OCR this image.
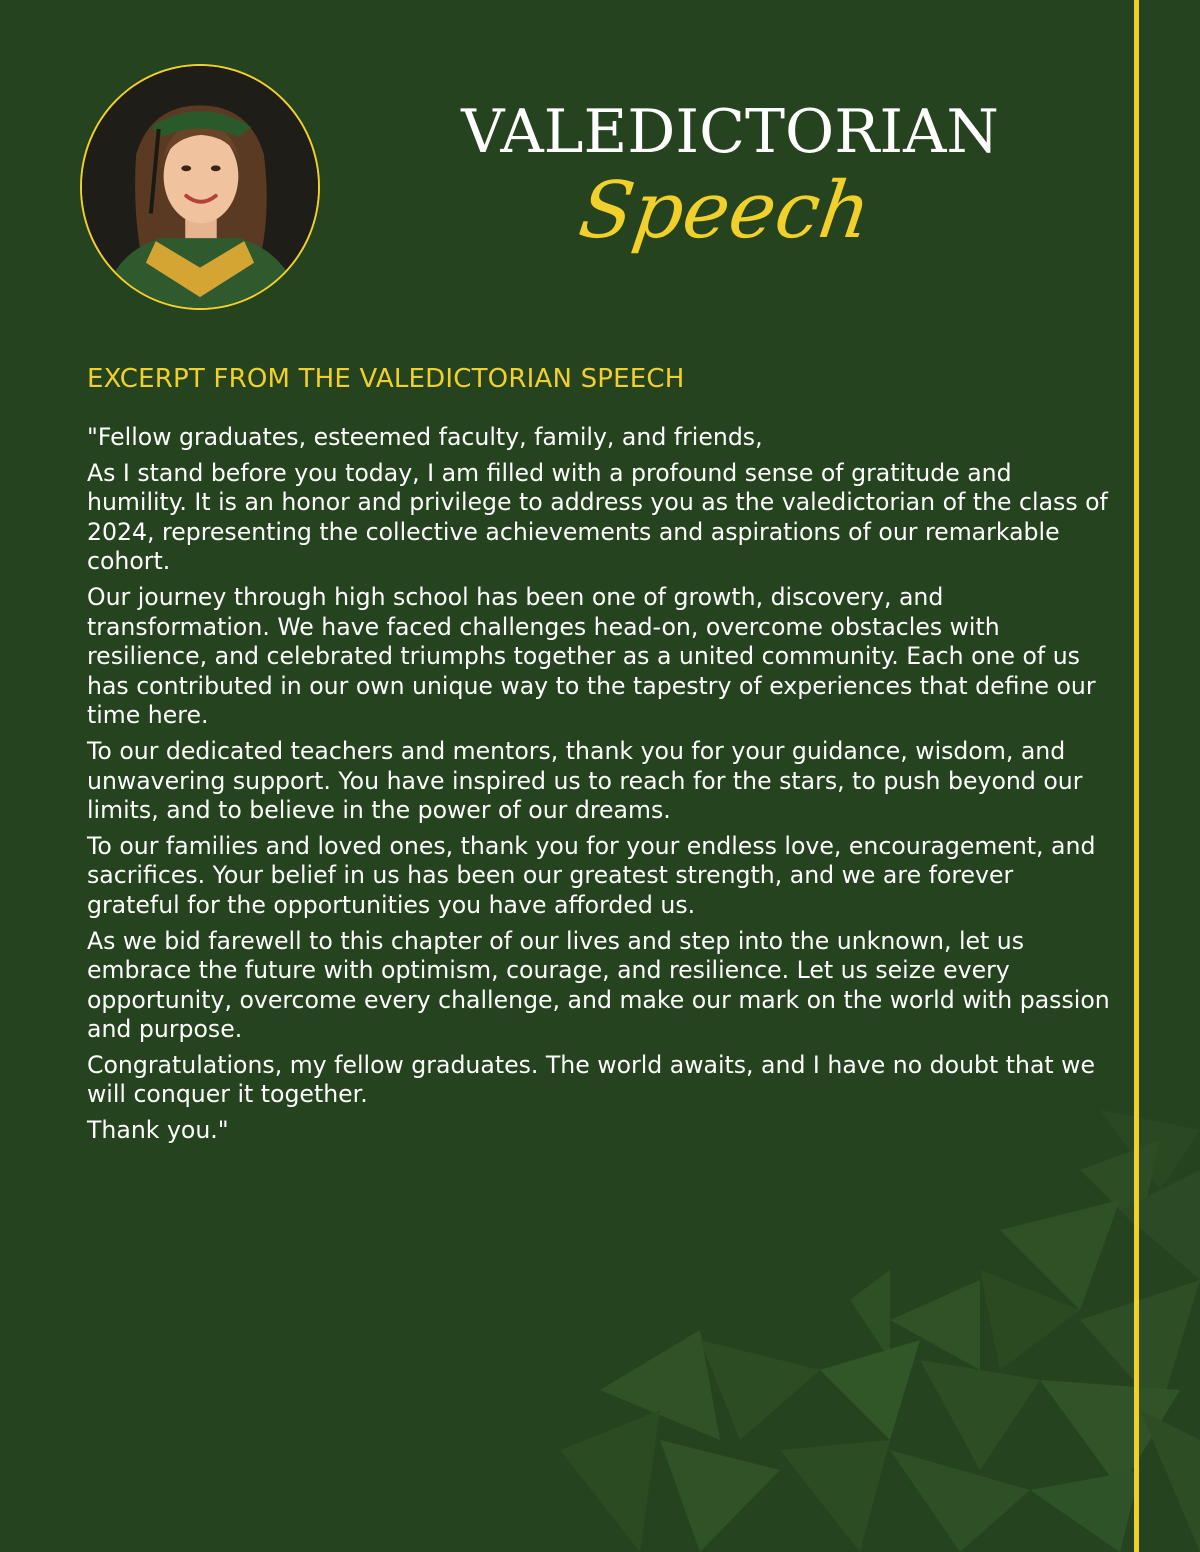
VALEDICTORIAN
Speech
EXCERPT FROM THE VALEDICTORIAN SPEECH

"Fellow graduates, esteemed faculty, family, and friends,

As I stand before you today, I am filled with a profound sense of gratitude and humility. It is an honor and privilege to address you as the valedictorian of the class of 2024, representing the collective achievements and aspirations of our remarkable cohort.

Our journey through high school has been one of growth, discovery, and transformation. We have faced challenges head-on, overcome obstacles with resilience, and celebrated triumphs together as a united community. Each one of us has contributed in our own unique way to the tapestry of experiences that define our time here.

To our dedicated teachers and mentors, thank you for your guidance, wisdom, and unwavering support. You have inspired us to reach for the stars, to push beyond our limits, and to believe in the power of our dreams.

To our families and loved ones, thank you for your endless love, encouragement, and sacrifices. Your belief in us has been our greatest strength, and we are forever grateful for the opportunities you have afforded us.

As we bid farewell to this chapter of our lives and step into the unknown, let us embrace the future with optimism, courage, and resilience. Let us seize every opportunity, overcome every challenge, and make our mark on the world with passion and purpose.

Congratulations, my fellow graduates. The world awaits, and I have no doubt that we will conquer it together.

Thank you."
